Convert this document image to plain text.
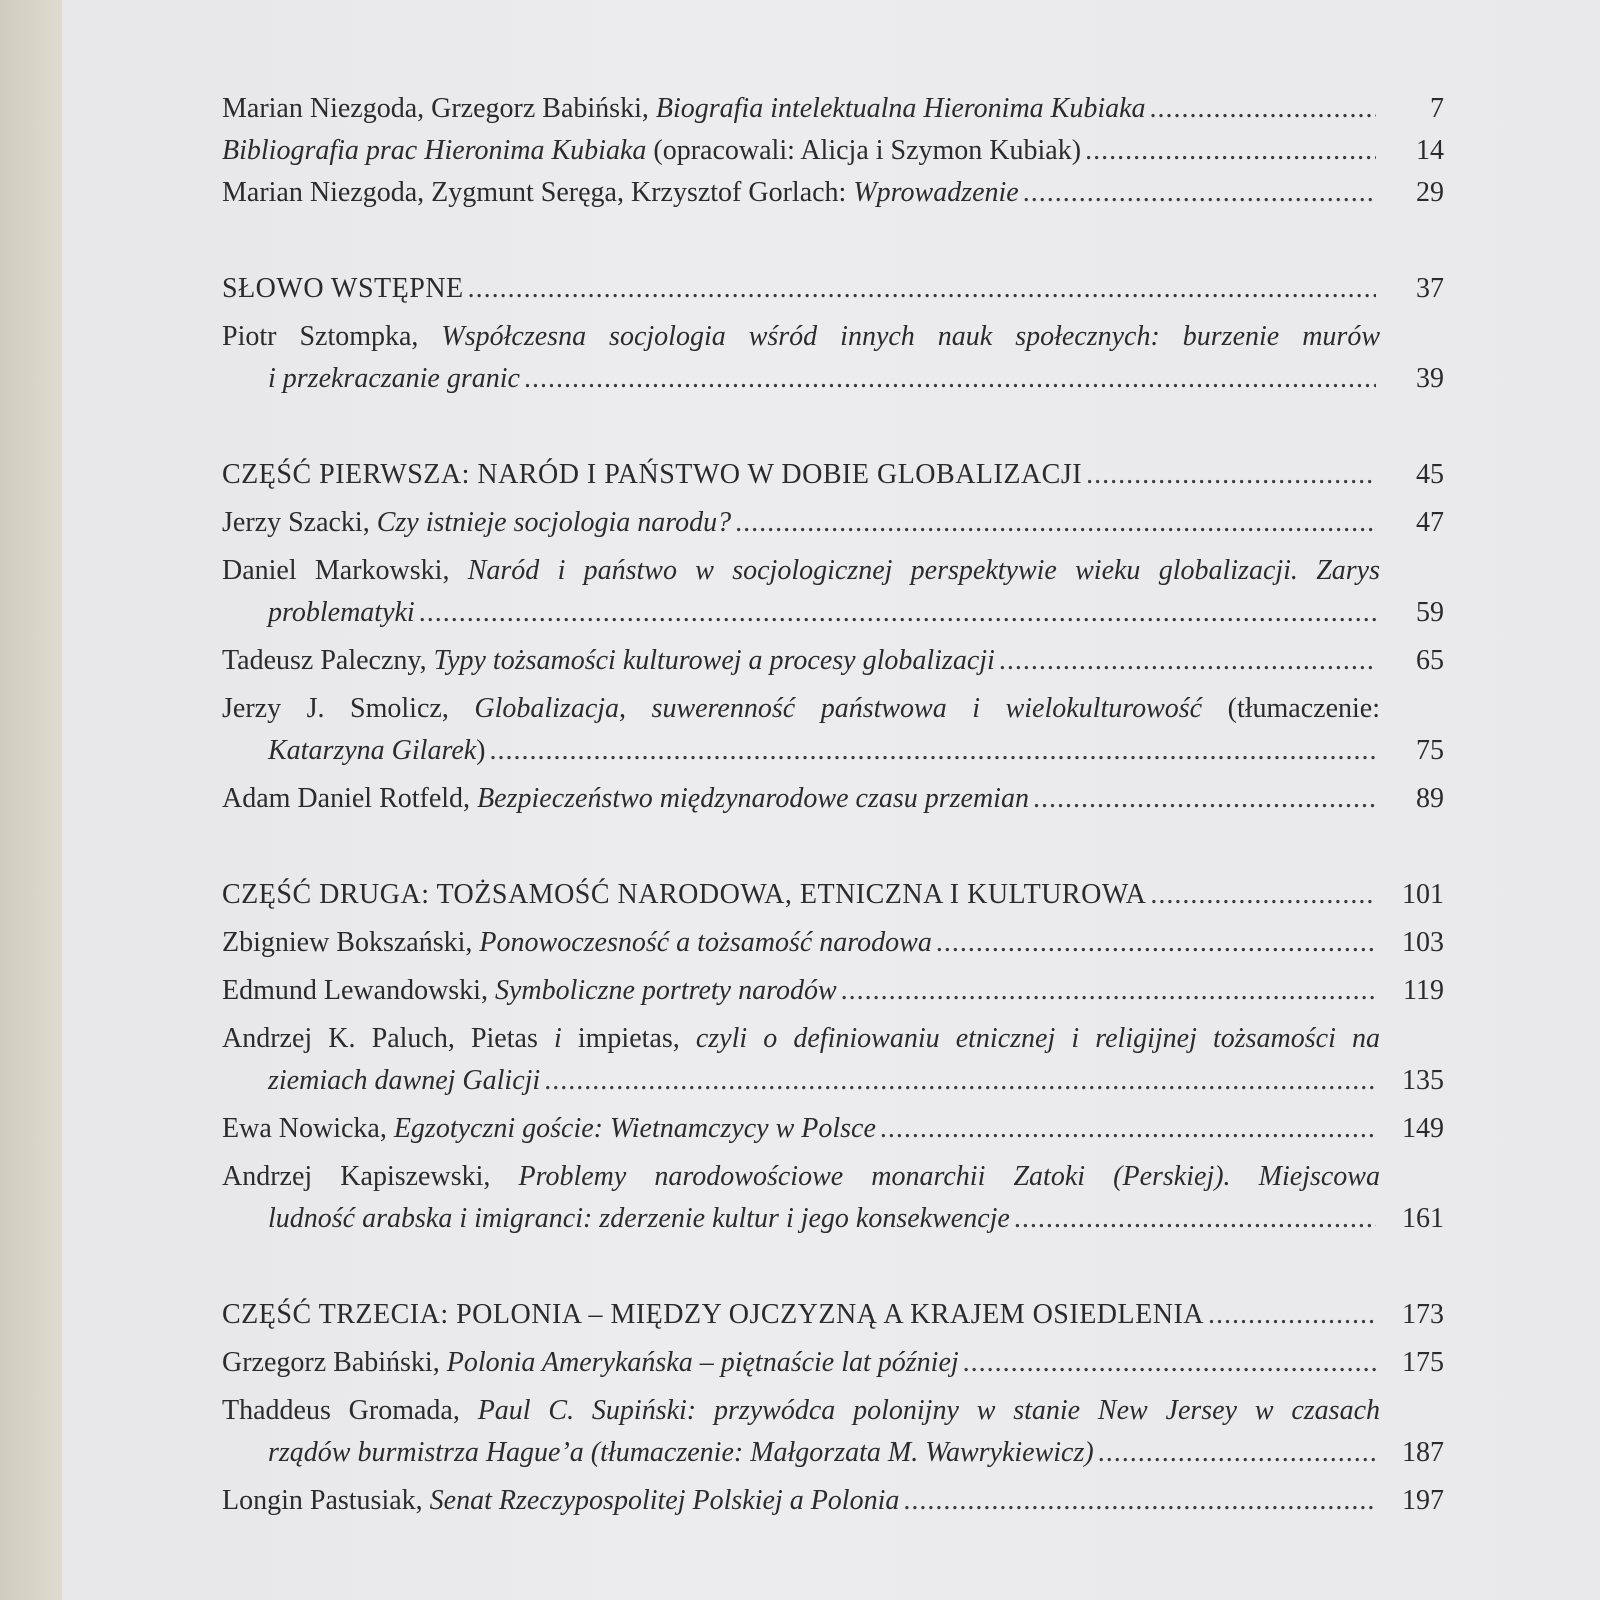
Marian Niezgoda, Grzegorz Babiński, Biografia intelektualna Hieronima Kubiaka .....	7
Bibliografia prac Hieronima Kubiaka (opracowali: Alicja i Szymon Kubiak) .....	14
Marian Niezgoda, Zygmunt Seręga, Krzysztof Gorlach: Wprowadzenie .....	29
SŁOWO WSTĘPNE .....	37
Piotr Sztompka, Współczesna socjologia wśród innych nauk społecznych: burzenie murów
i przekraczanie granic .....	39
CZĘŚĆ PIERWSZA: NARÓD I PAŃSTWO W DOBIE GLOBALIZACJI .....	45
Jerzy Szacki, Czy istnieje socjologia narodu? .....	47
Daniel Markowski, Naród i państwo w socjologicznej perspektywie wieku globalizacji. Zarys
problematyki .....	59
Tadeusz Paleczny, Typy tożsamości kulturowej a procesy globalizacji .....	65
Jerzy J. Smolicz, Globalizacja, suwerenność państwowa i wielokulturowość (tłumaczenie:
Katarzyna Gilarek) .....	75
Adam Daniel Rotfeld, Bezpieczeństwo międzynarodowe czasu przemian .....	89
CZĘŚĆ DRUGA: TOŻSAMOŚĆ NARODOWA, ETNICZNA I KULTUROWA .....	101
Zbigniew Bokszański, Ponowoczesność a tożsamość narodowa .....	103
Edmund Lewandowski, Symboliczne portrety narodów .....	119
Andrzej K. Paluch, Pietas i impietas, czyli o definiowaniu etnicznej i religijnej tożsamości na
ziemiach dawnej Galicji .....	135
Ewa Nowicka, Egzotyczni goście: Wietnamczycy w Polsce .....	149
Andrzej Kapiszewski, Problemy narodowościowe monarchii Zatoki (Perskiej). Miejscowa
ludność arabska i imigranci: zderzenie kultur i jego konsekwencje .....	161
CZĘŚĆ TRZECIA: POLONIA – MIĘDZY OJCZYZNĄ A KRAJEM OSIEDLENIA .....	173
Grzegorz Babiński, Polonia Amerykańska – piętnaście lat później .....	175
Thaddeus Gromada, Paul C. Supiński: przywódca polonijny w stanie New Jersey w czasach
rządów burmistrza Hague’a (tłumaczenie: Małgorzata M. Wawrykiewicz) .....	187
Longin Pastusiak, Senat Rzeczypospolitej Polskiej a Polonia .....	197
